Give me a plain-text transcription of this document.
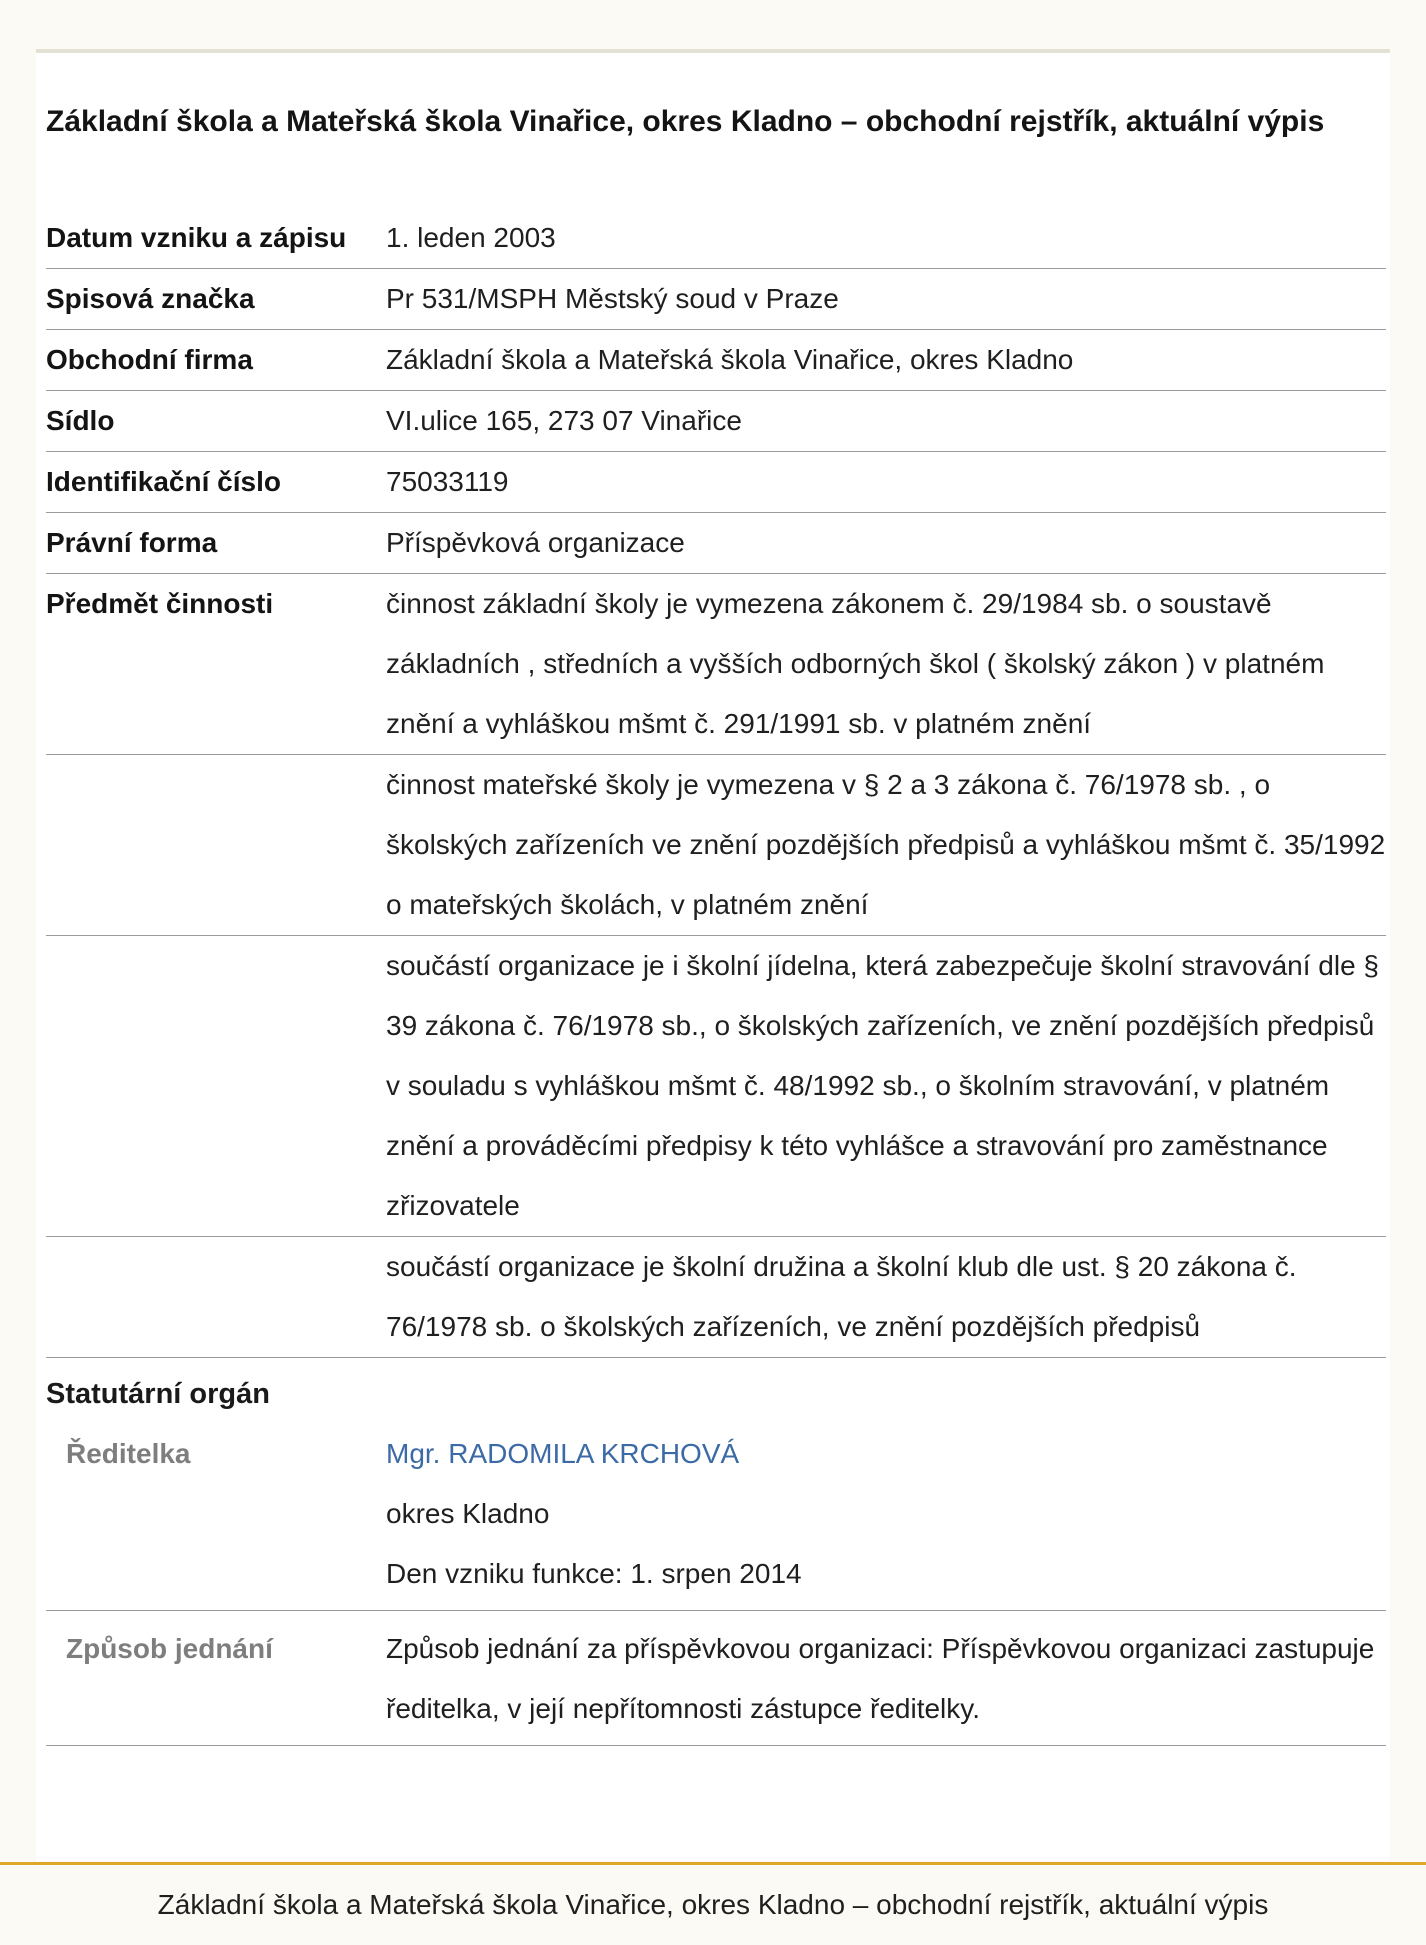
Základní škola a Mateřská škola Vinařice, okres Kladno – obchodní rejstřík, aktuální výpis
Datum vzniku a zápisu	1. leden 2003
Spisová značka	Pr 531/MSPH Městský soud v Praze
Obchodní firma	Základní škola a Mateřská škola Vinařice, okres Kladno
Sídlo	VI.ulice 165, 273 07 Vinařice
Identifikační číslo	75033119
Právní forma	Příspěvková organizace
Předmět činnosti	činnost základní školy je vymezena zákonem č. 29/1984 sb. o soustavě základních , středních a vyšších odborných škol ( školský zákon ) v platném znění a vyhláškou mšmt č. 291/1991 sb. v platném znění
	činnost mateřské školy je vymezena v § 2 a 3 zákona č. 76/1978 sb. , o školských zařízeních ve znění pozdějších předpisů a vyhláškou mšmt č. 35/1992 o mateřských školách, v platném znění
	součástí organizace je i školní jídelna, která zabezpečuje školní stravování dle § 39 zákona č. 76/1978 sb., o školských zařízeních, ve znění pozdějších předpisů v souladu s vyhláškou mšmt č. 48/1992 sb., o školním stravování, v platném znění a prováděcími předpisy k této vyhlášce a stravování pro zaměstnance zřizovatele
	součástí organizace je školní družina a školní klub dle ust. § 20 zákona č. 76/1978 sb. o školských zařízeních, ve znění pozdějších předpisů
Statutární orgán	
Ředitelka	Mgr. RADOMILA KRCHOVÁ
okres Kladno
Den vzniku funkce: 1. srpen 2014

Způsob jednání	Způsob jednání za příspěvkovou organizaci: Příspěvkovou organizaci zastupuje ředitelka, v její nepřítomnosti zástupce ředitelky.
Základní škola a Mateřská škola Vinařice, okres Kladno – obchodní rejstřík, aktuální výpis
